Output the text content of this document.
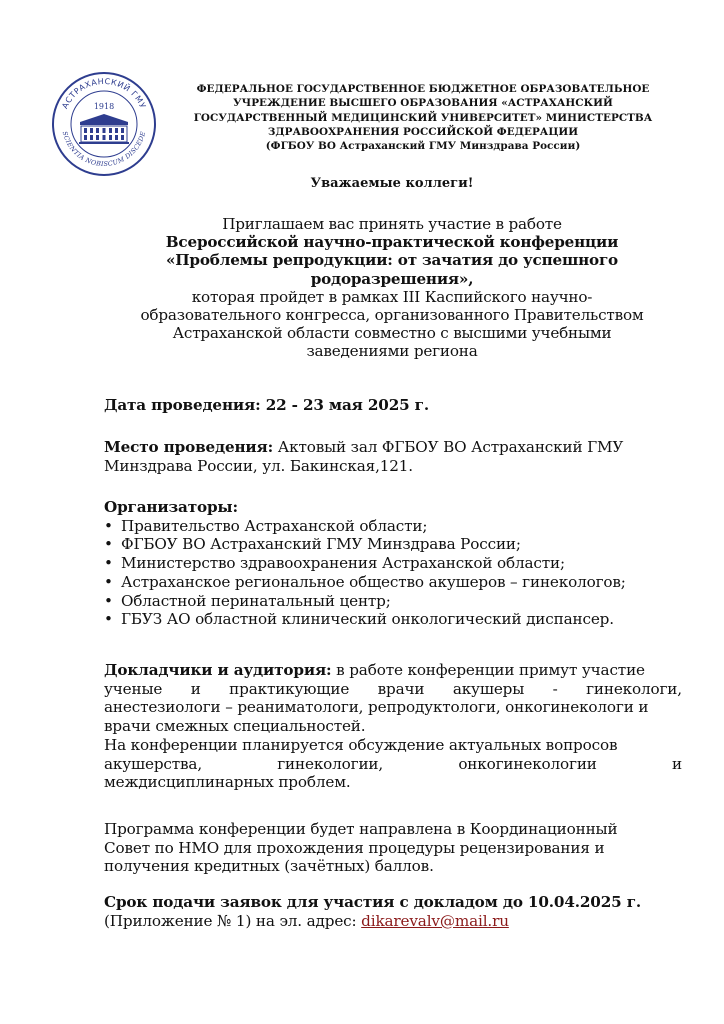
АСТРАХАНСКИЙ ГМУ
SCIENTIA NOBISCUM DISCEDE
1918
ФЕДЕРАЛЬНОЕ ГОСУДАРСТВЕННОЕ БЮДЖЕТНОЕ ОБРАЗОВАТЕЛЬНОЕ
УЧРЕЖДЕНИЕ ВЫСШЕГО ОБРАЗОВАНИЯ «АСТРАХАНСКИЙ
ГОСУДАРСТВЕННЫЙ МЕДИЦИНСКИЙ УНИВЕРСИТЕТ» МИНИСТЕРСТВА
ЗДРАВООХРАНЕНИЯ РОССИЙСКОЙ ФЕДЕРАЦИИ
(ФГБОУ ВО Астраханский ГМУ Минздрава России)
Уважаемые коллеги!
Приглашаем вас принять участие в работе
Всероссийской научно-практической конференции
«Проблемы репродукции: от зачатия до успешного
родоразрешения»,
которая пройдет в рамках III Каспийского научно-
образовательного конгресса, организованного Правительством
Астраханской области совместно с высшими учебными
заведениями региона
Дата проведения: 22 - 23 мая 2025 г.
Место проведения: Актовый зал ФГБОУ ВО Астраханский ГМУ
Минздрава России, ул. Бакинская,121.
Организаторы:
• Правительство Астраханской области;
• ФГБОУ ВО Астраханский ГМУ Минздрава России;
• Министерство здравоохранения Астраханской области;
• Астраханское региональное общество акушеров – гинекологов;
• Областной перинатальный центр;
• ГБУЗ АО областной клинический онкологический диспансер.
Докладчики и аудитория: в работе конференции примут участие
ученые и практикующие врачи акушеры - гинекологи,
анестезиологи – реаниматологи, репродуктологи, онкогинекологи и
врачи смежных специальностей.
На конференции планируется обсуждение актуальных вопросов
акушерства,	гинекологии,	онкогинекологии	и
междисциплинарных проблем.
Программа конференции будет направлена в Координационный
Совет по НМО для прохождения процедуры рецензирования и
получения кредитных (зачётных) баллов.
Срок подачи заявок для участия с докладом до 10.04.2025 г.
(Приложение № 1) на эл. адрес: dikarevalv@mail.ru
